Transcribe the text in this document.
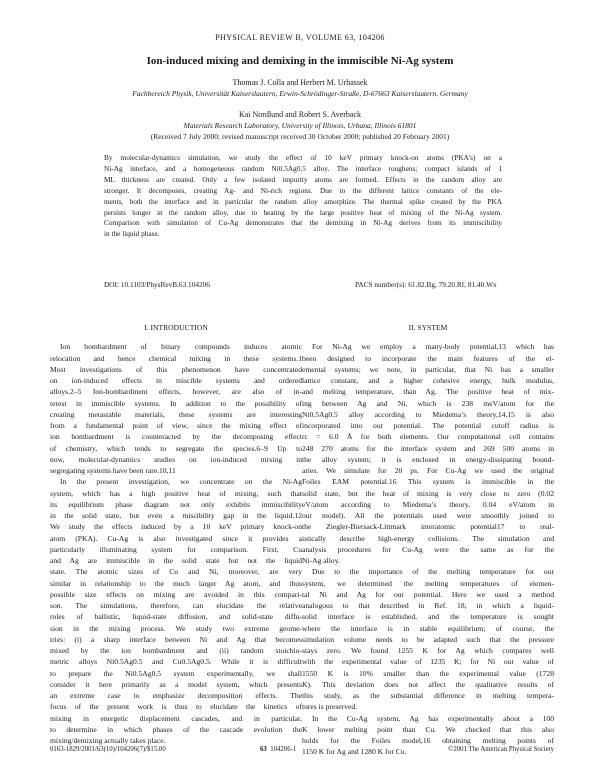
PHYSICAL REVIEW B, VOLUME 63, 104206
Ion-induced mixing and demixing in the immiscible Ni-Ag system
Thomas J. Colla and Herbert M. Urbassek
Fachbereich Physik, Universität Kaiserslautern, Erwin-Schrödinger-Straße, D-67663 Kaiserslautern, Germany
Kai Nordlund and Robert S. Averback
Materials Research Laboratory, University of Illinois, Urbana, Illinois 61801
(Received 7 July 2000; revised manuscript received 30 October 2000; published 20 February 2001)
By molecular-dynamics simulation, we study the effect of 10 keV primary knock-on atoms (PKA’s) on a
Ni-Ag interface, and a homogeneous random Ni0.5Ag0.5 alloy. The interface roughens; compact islands of 1
ML thickness are created. Only a few isolated impurity atoms are formed. Effects in the random alloy are
stronger. It decomposes, creating Ag- and Ni-rich regions. Due to the different lattice constants of the ele-
ments, both the interface and in particular the random alloy amorphize. The thermal spike created by the PKA
persists longer in the random alloy, due to heating by the large positive heat of mixing of the Ni-Ag system.
Comparison with simulation of Cu-Ag demonstrates that the demixing in Ni-Ag derives from its immiscibility
in the liquid phase.
DOI: 10.1103/PhysRevB.63.104206	PACS number(s): 61.82.Bg, 79.20.Rf, 81.40.Wx
I. INTRODUCTION
Ion bombardment of binary compounds induces atomic
relocation and hence chemical mixing in these systems.1
Most investigations of this phenomenon have concentrated
on ion-induced effects in miscible systems and ordered
alloys.2–5 Ion-bombardment effects, however, are also of in-
terest in immiscible systems. In addition to the possibility of
creating metastable materials, these systems are interesting
from a fundamental point of view, since the mixing effect of
ion bombardment is counteracted by the decomposing effect
of chemistry, which tends to segregate the species.6–9 Up to
now, molecular-dynamics studies on ion-induced mixing in
segregating systems have been rare.10,11
In the present investigation, we concentrate on the Ni-Ag
system, which has a high positive heat of mixing, such that
its equilibrium phase diagram not only exhibits immiscibility
in the solid state, but even a miscibility gap in the liquid.12
We study the effects induced by a 10 keV primary knock-on
atom (PKA). Cu-Ag is also investigated since it provides a
particularly illuminating system for comparison. First, Cu
and Ag are immiscible in the solid state but not the liquid
state. The atomic sizes of Cu and Ni, moreover, are very
similar in relationship to the much larger Ag atom, and thus
possible size effects on mixing are avoided in this compari-
son. The simulations, therefore, can elucidate the relative
roles of ballistic, liquid-state diffusion, and solid-state diffu-
sion in the mixing process. We study two extreme geome-
tries: (i) a sharp interface between Ni and Ag that becomes
mixed by the ion bombardment and (ii) random stoichio-
metric alloys Ni0.5Ag0.5 and Cu0.5Ag0.5. While it is difficult
to prepare the Ni0.5Ag0.5 system experimentally, we shall
consider it here primarily as a model system, which presents
an extreme case to emphasize decomposition effects. The
focus of the present work is thus to elucidate the kinetics of
mixing in energetic displacement cascades, and in particular,
to determine in which phases of the cascade evolution the
mixing/demixing actually takes place.
II. SYSTEM
For Ni-Ag we employ a many-body potential,13 which has
been designed to incorporate the main features of the el-
emental systems; we note, in particular, that Ni has a smaller
lattice constant, and a higher cohesive energy, bulk modulus,
and melting temperature, than Ag. The positive heat of mix-
ing between Ag and Ni, which is 238 meV/atom for the
Ni0.5Ag0.5 alloy according to Miedema’s theory,14,15 is also
incorporated into our potential. The potential cutoff radius is
rc = 6.0 Å for both elements. Our computational cell contains
248 270 atoms for the interface system and 269 500 atoms in
the alloy system; it is enclosed in energy-dissipating bound-
aries. We simulate for 20 ps. For Cu-Ag we used the original
Foiles EAM potential.16 This system is immiscible in the
solid state, but the heat of mixing is very close to zero (0.02
eV/atom according to Miedema’s theory, 0.04 eV/atom in
our model). All the potentials used were smoothly joined to
the Ziegler-Biersack-Littmark interatomic potential17 to real-
istically describe high-energy collisions. The simulation and
analysis procedures for Cu-Ag were the same as for the
Ni-Ag alloy.
Due to the importance of the melting temperature for our
system, we determined the melting temperatures of elemen-
tal Ni and Ag for our potential. Here we used a method
analogous to that described in Ref. 18, in which a liquid-
solid interface is established, and the temperature is sought
where the interface is in stable equilibrium; of course, the
simulation volume needs to be adapted such that the pressure
stays zero. We found 1255 K for Ag which compares well
with the experimental value of 1235 K; for Ni our value of
1550 K is 10% smaller than the experimental value (1728
K). This deviation does not affect the qualitative results of
this study, as the substantial difference in melting tempera-
tures is preserved.
In the Cu-Ag system, Ag has experimentally about a 100
K lower melting point than Cu. We checked that this also
holds for the Foiles model,16 obtaining melting points of
1150 K for Ag and 1280 K for Cu.
0163-1829/2001/63(10)/104206(7)/$15.00	63 104206-1	©2001 The American Physical Society
